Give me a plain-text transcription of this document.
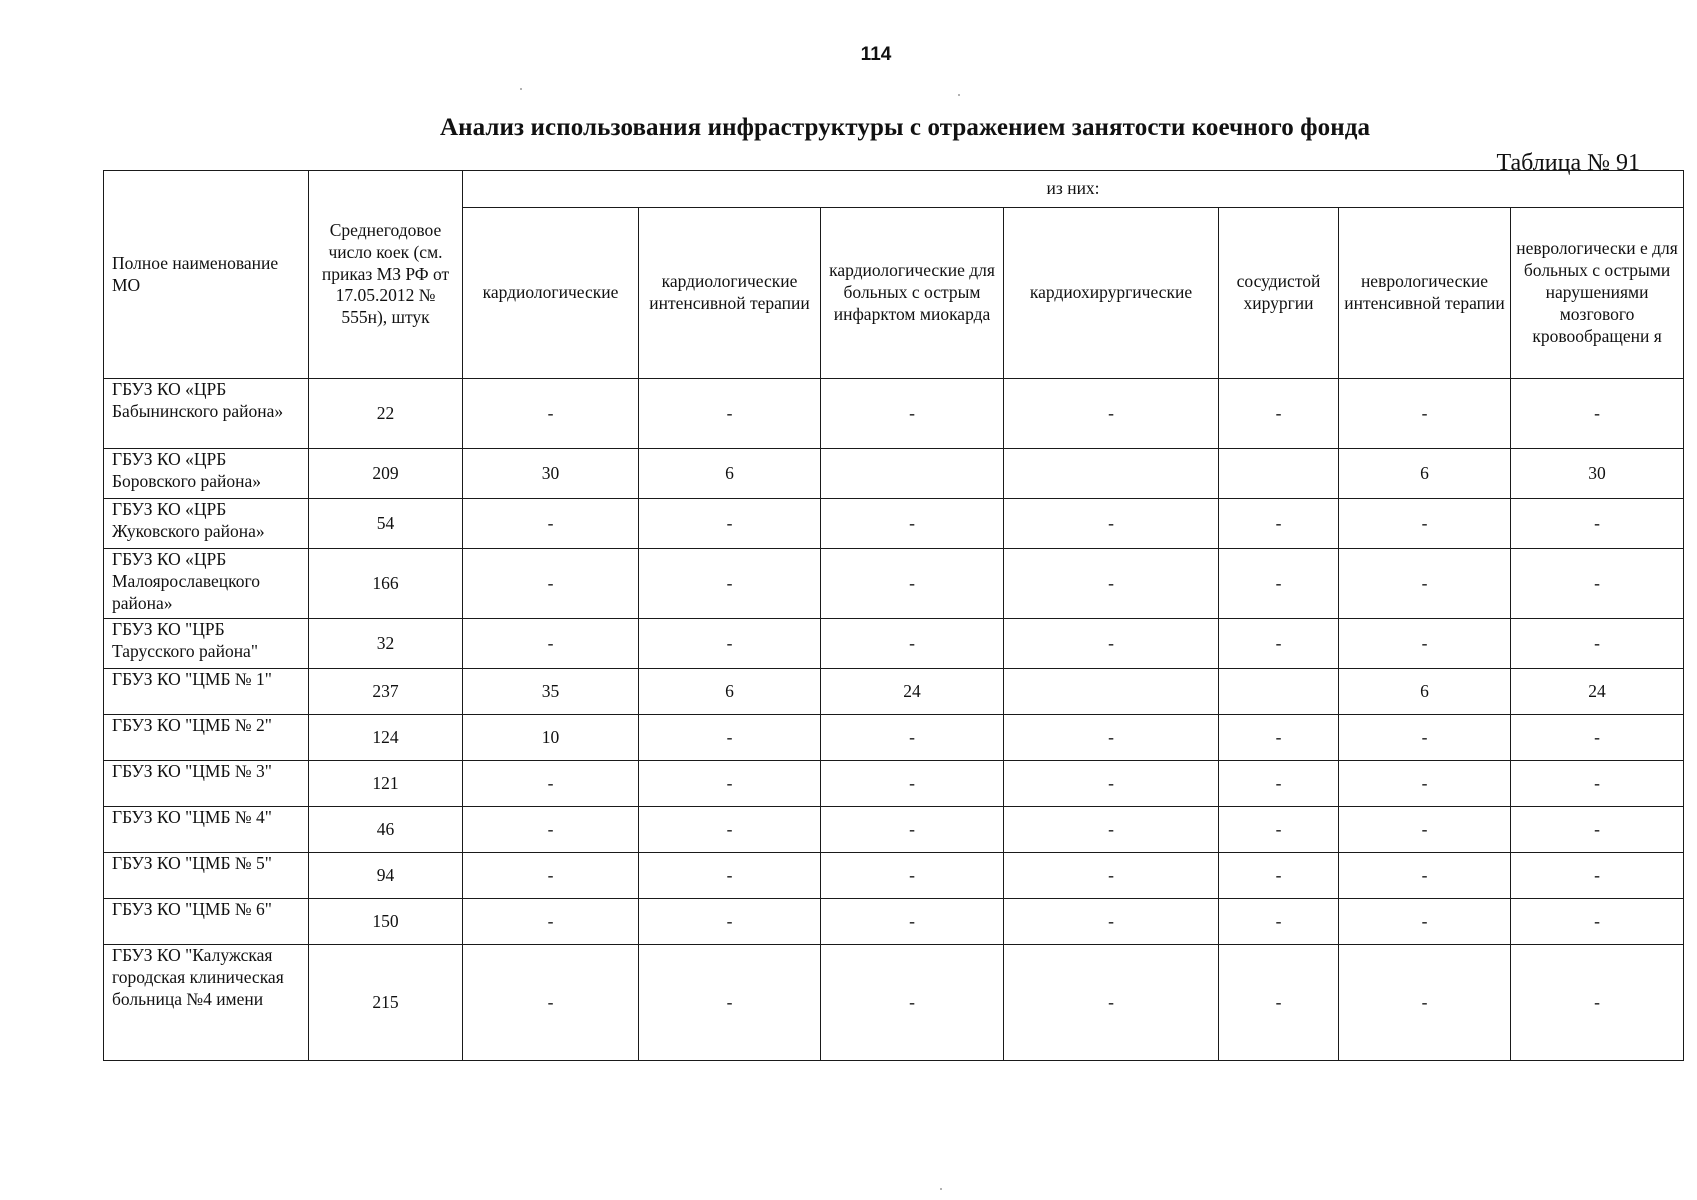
114
Анализ использования инфраструктуры с отражением занятости коечного фонда
Таблица № 91
Полное наименование МО	Среднегодовое число коек (см. приказ МЗ РФ от 17.05.2012 № 555н), штук	из них:						
		кардиологические	кардиологические интенсивной терапии	кардиологические для больных с острым инфарктом миокарда	кардиохирургические	сосудистой хирургии	неврологические интенсивной терапии	неврологически е для больных с острыми нарушениями мозгового кровообращени я
ГБУЗ КО «ЦРБ Бабынинского района»	22	-	-	-	-	-	-	-
ГБУЗ КО «ЦРБ Боровского района»	209	30	6				6	30
ГБУЗ КО «ЦРБ Жуковского района»	54	-	-	-	-	-	-	-
ГБУЗ КО «ЦРБ Малоярославецкого района»	166	-	-	-	-	-	-	-
ГБУЗ КО "ЦРБ Тарусского района"	32	-	-	-	-	-	-	-
ГБУЗ КО "ЦМБ № 1"	237	35	6	24			6	24
ГБУЗ КО "ЦМБ № 2"	124	10	-	-	-	-	-	-
ГБУЗ КО "ЦМБ № 3"	121	-	-	-	-	-	-	-
ГБУЗ КО "ЦМБ № 4"	46	-	-	-	-	-	-	-
ГБУЗ КО "ЦМБ № 5"	94	-	-	-	-	-	-	-
ГБУЗ КО "ЦМБ № 6"	150	-	-	-	-	-	-	-
ГБУЗ КО "Калужская городская клиническая больница №4 имени	215	-	-	-	-	-	-	-
